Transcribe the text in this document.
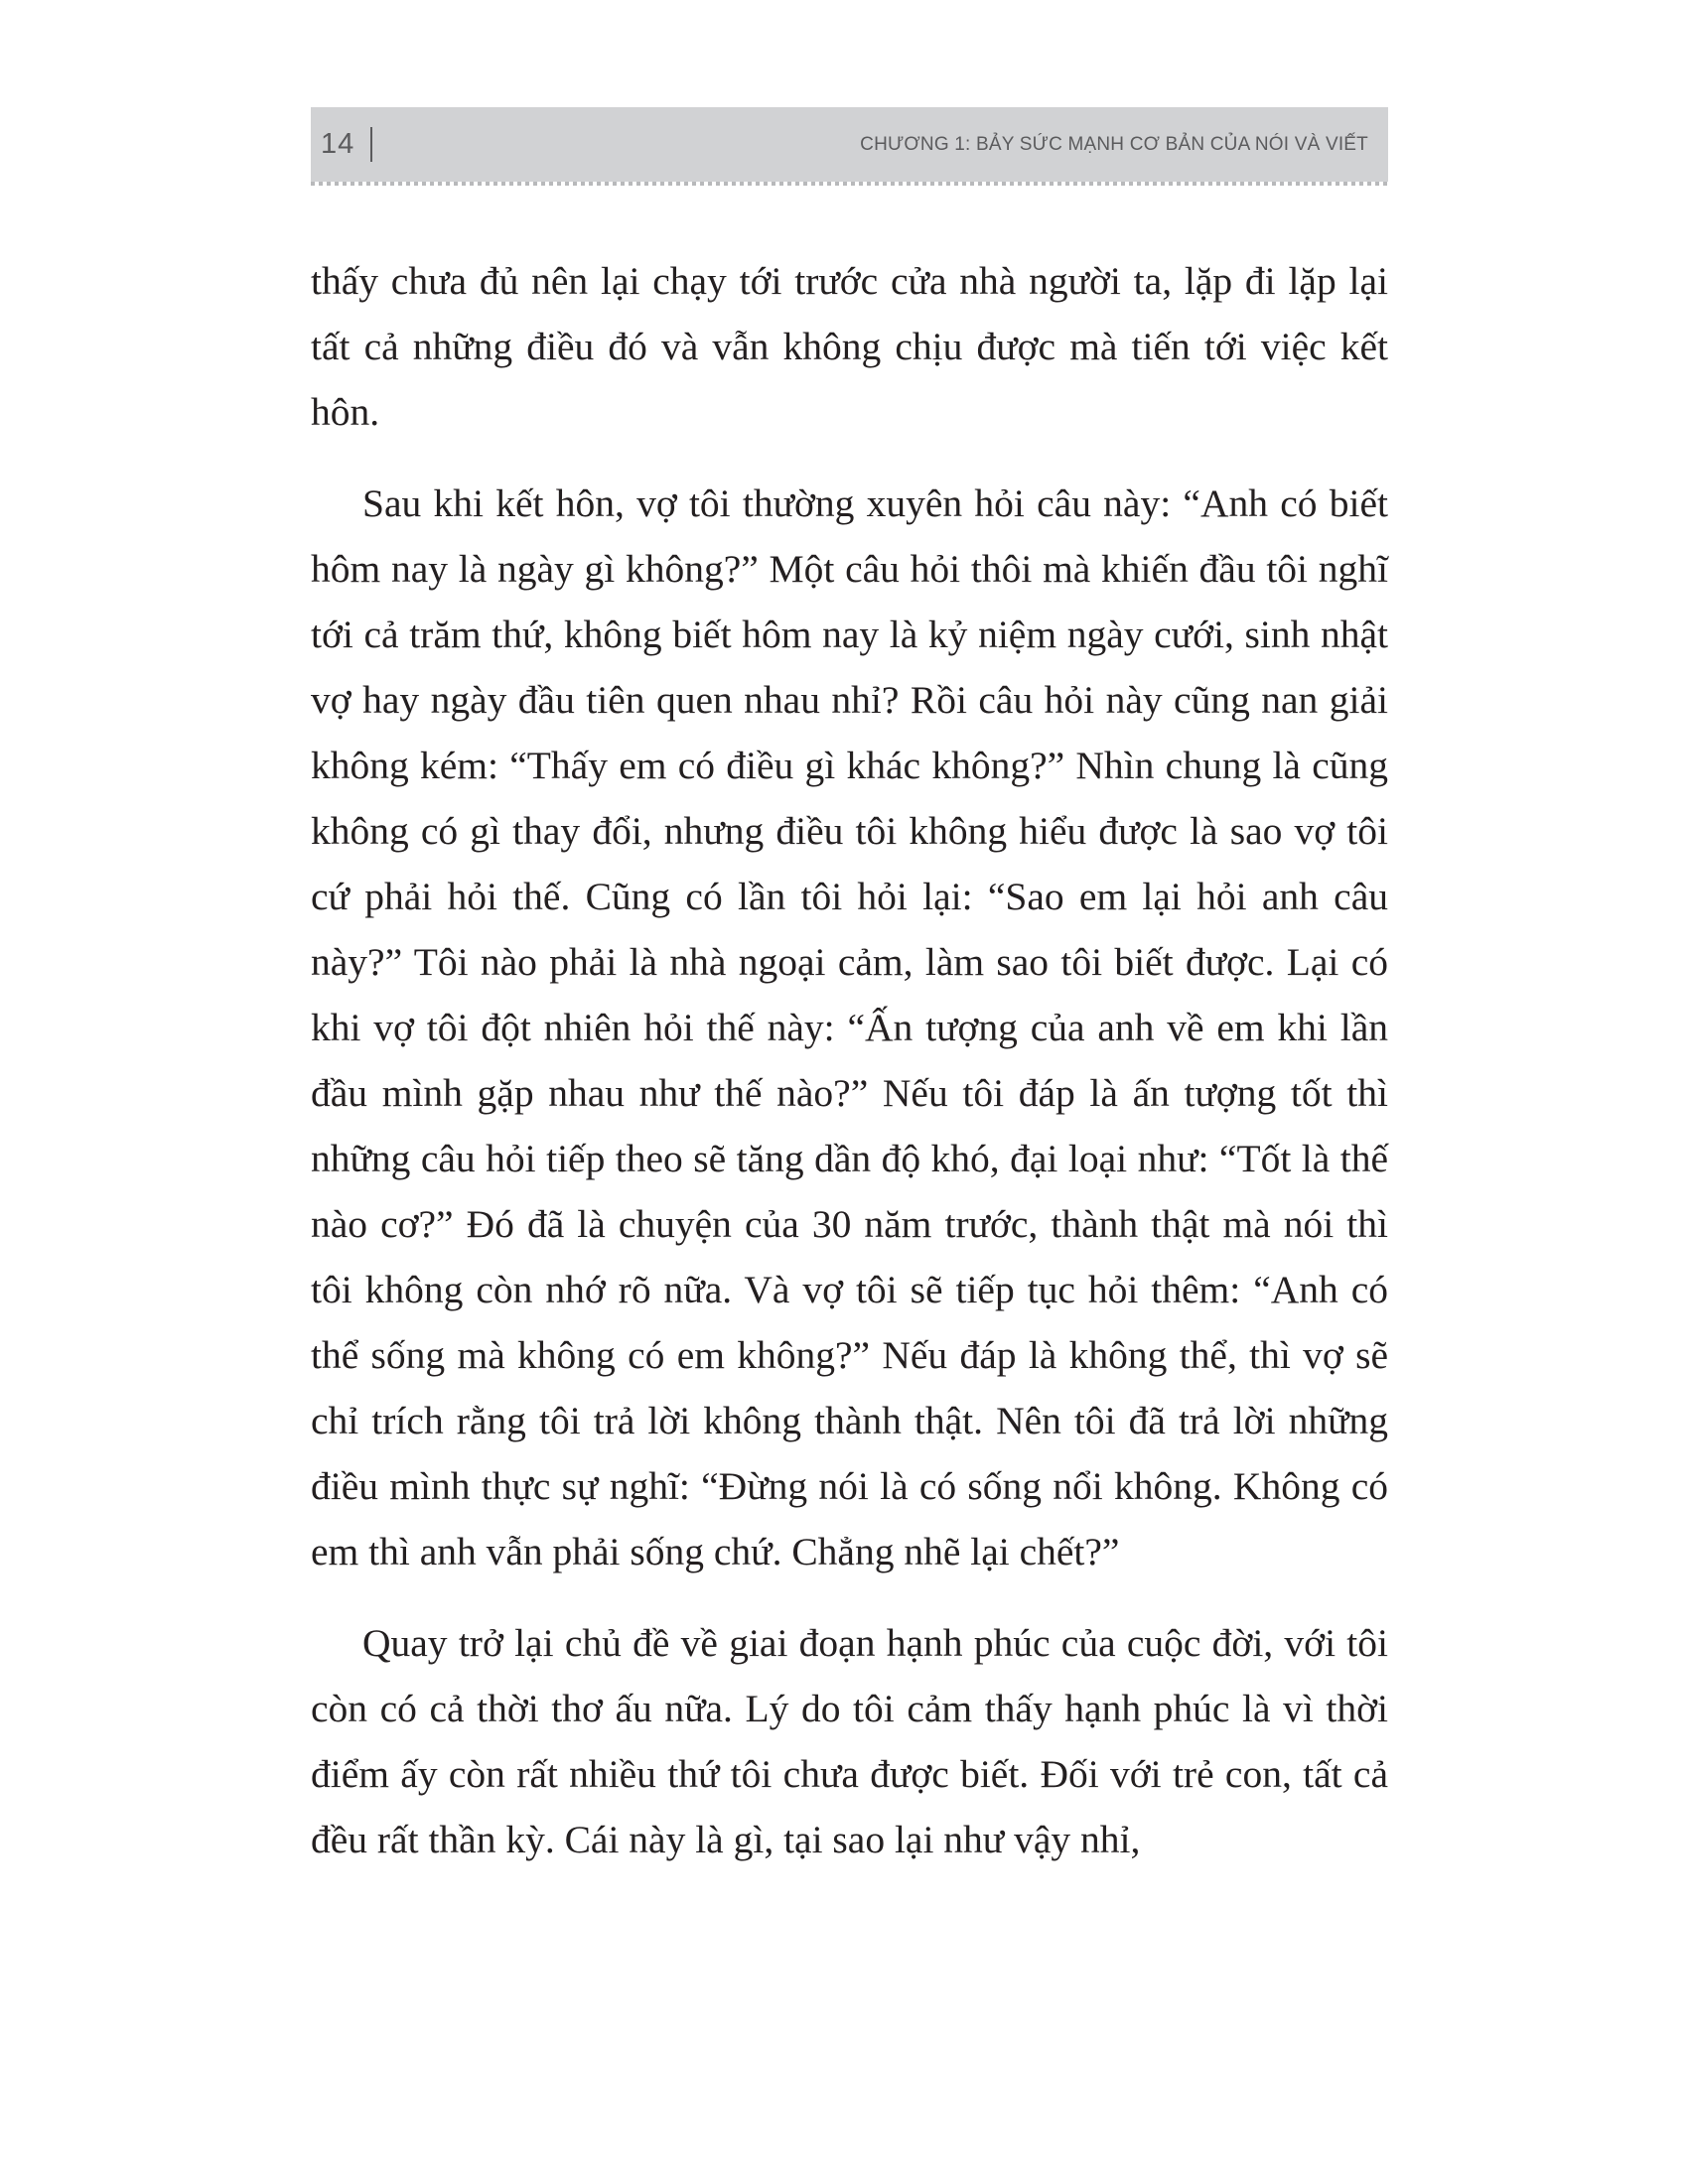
14	CHƯƠNG 1: BẢY SỨC MẠNH CƠ BẢN CỦA NÓI VÀ VIẾT

thấy chưa đủ nên lại chạy tới trước cửa nhà người ta, lặp đi lặp lại tất cả những điều đó và vẫn không chịu được mà tiến tới việc kết hôn.

Sau khi kết hôn, vợ tôi thường xuyên hỏi câu này: “Anh có biết hôm nay là ngày gì không?” Một câu hỏi thôi mà khiến đầu tôi nghĩ tới cả trăm thứ, không biết hôm nay là kỷ niệm ngày cưới, sinh nhật vợ hay ngày đầu tiên quen nhau nhỉ? Rồi câu hỏi này cũng nan giải không kém: “Thấy em có điều gì khác không?” Nhìn chung là cũng không có gì thay đổi, nhưng điều tôi không hiểu được là sao vợ tôi cứ phải hỏi thế. Cũng có lần tôi hỏi lại: “Sao em lại hỏi anh câu này?” Tôi nào phải là nhà ngoại cảm, làm sao tôi biết được. Lại có khi vợ tôi đột nhiên hỏi thế này: “Ấn tượng của anh về em khi lần đầu mình gặp nhau như thế nào?” Nếu tôi đáp là ấn tượng tốt thì những câu hỏi tiếp theo sẽ tăng dần độ khó, đại loại như: “Tốt là thế nào cơ?” Đó đã là chuyện của 30 năm trước, thành thật mà nói thì tôi không còn nhớ rõ nữa. Và vợ tôi sẽ tiếp tục hỏi thêm: “Anh có thể sống mà không có em không?” Nếu đáp là không thể, thì vợ sẽ chỉ trích rằng tôi trả lời không thành thật. Nên tôi đã trả lời những điều mình thực sự nghĩ: “Đừng nói là có sống nổi không. Không có em thì anh vẫn phải sống chứ. Chẳng nhẽ lại chết?”

Quay trở lại chủ đề về giai đoạn hạnh phúc của cuộc đời, với tôi còn có cả thời thơ ấu nữa. Lý do tôi cảm thấy hạnh phúc là vì thời điểm ấy còn rất nhiều thứ tôi chưa được biết. Đối với trẻ con, tất cả đều rất thần kỳ. Cái này là gì, tại sao lại như vậy nhỉ,
